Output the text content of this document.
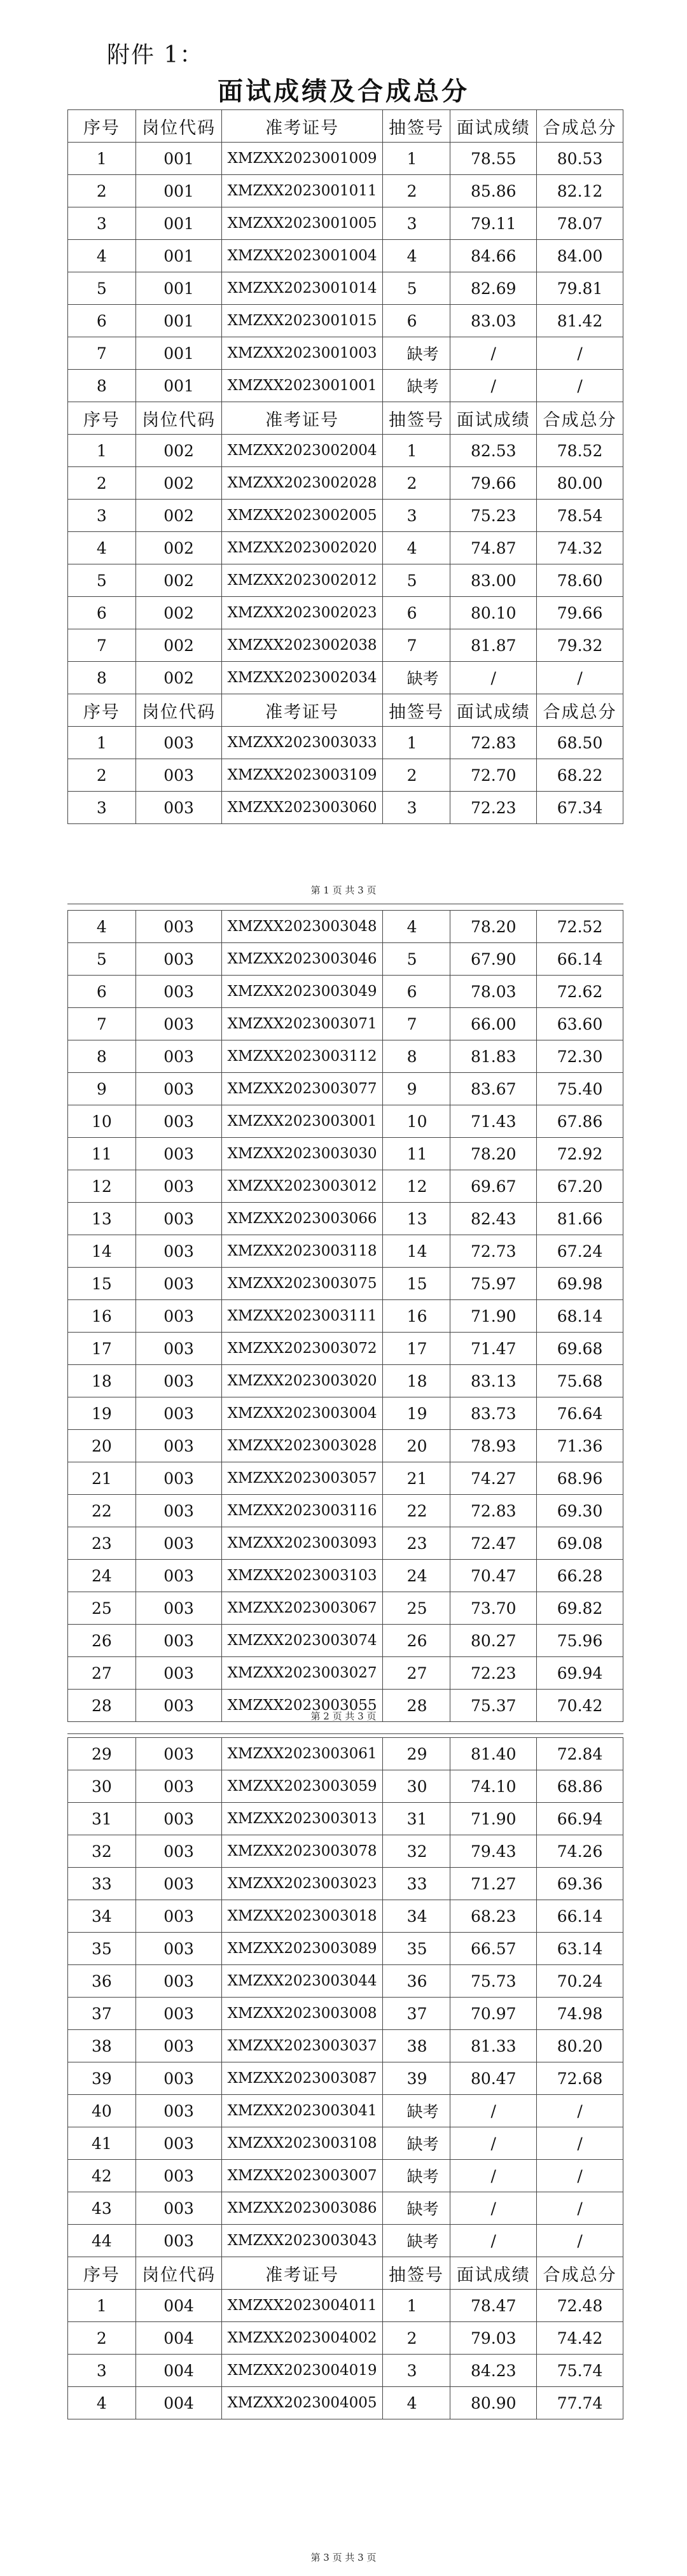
附件 1：
面试成绩及合成总分
序号	岗位代码	准考证号	抽签号	面试成绩	合成总分
1	001	XMZXX2023001009	1	78.55	80.53
2	001	XMZXX2023001011	2	85.86	82.12
3	001	XMZXX2023001005	3	79.11	78.07
4	001	XMZXX2023001004	4	84.66	84.00
5	001	XMZXX2023001014	5	82.69	79.81
6	001	XMZXX2023001015	6	83.03	81.42
7	001	XMZXX2023001003	缺考	/	/
8	001	XMZXX2023001001	缺考	/	/
序号	岗位代码	准考证号	抽签号	面试成绩	合成总分
1	002	XMZXX2023002004	1	82.53	78.52
2	002	XMZXX2023002028	2	79.66	80.00
3	002	XMZXX2023002005	3	75.23	78.54
4	002	XMZXX2023002020	4	74.87	74.32
5	002	XMZXX2023002012	5	83.00	78.60
6	002	XMZXX2023002023	6	80.10	79.66
7	002	XMZXX2023002038	7	81.87	79.32
8	002	XMZXX2023002034	缺考	/	/
序号	岗位代码	准考证号	抽签号	面试成绩	合成总分
1	003	XMZXX2023003033	1	72.83	68.50
2	003	XMZXX2023003109	2	72.70	68.22
3	003	XMZXX2023003060	3	72.23	67.34
第 1 页 共 3 页
4	003	XMZXX2023003048	4	78.20	72.52
5	003	XMZXX2023003046	5	67.90	66.14
6	003	XMZXX2023003049	6	78.03	72.62
7	003	XMZXX2023003071	7	66.00	63.60
8	003	XMZXX2023003112	8	81.83	72.30
9	003	XMZXX2023003077	9	83.67	75.40
10	003	XMZXX2023003001	10	71.43	67.86
11	003	XMZXX2023003030	11	78.20	72.92
12	003	XMZXX2023003012	12	69.67	67.20
13	003	XMZXX2023003066	13	82.43	81.66
14	003	XMZXX2023003118	14	72.73	67.24
15	003	XMZXX2023003075	15	75.97	69.98
16	003	XMZXX2023003111	16	71.90	68.14
17	003	XMZXX2023003072	17	71.47	69.68
18	003	XMZXX2023003020	18	83.13	75.68
19	003	XMZXX2023003004	19	83.73	76.64
20	003	XMZXX2023003028	20	78.93	71.36
21	003	XMZXX2023003057	21	74.27	68.96
22	003	XMZXX2023003116	22	72.83	69.30
23	003	XMZXX2023003093	23	72.47	69.08
24	003	XMZXX2023003103	24	70.47	66.28
25	003	XMZXX2023003067	25	73.70	69.82
26	003	XMZXX2023003074	26	80.27	75.96
27	003	XMZXX2023003027	27	72.23	69.94
28	003	XMZXX2023003055	28	75.37	70.42
第 2 页 共 3 页
29	003	XMZXX2023003061	29	81.40	72.84
30	003	XMZXX2023003059	30	74.10	68.86
31	003	XMZXX2023003013	31	71.90	66.94
32	003	XMZXX2023003078	32	79.43	74.26
33	003	XMZXX2023003023	33	71.27	69.36
34	003	XMZXX2023003018	34	68.23	66.14
35	003	XMZXX2023003089	35	66.57	63.14
36	003	XMZXX2023003044	36	75.73	70.24
37	003	XMZXX2023003008	37	70.97	74.98
38	003	XMZXX2023003037	38	81.33	80.20
39	003	XMZXX2023003087	39	80.47	72.68
40	003	XMZXX2023003041	缺考	/	/
41	003	XMZXX2023003108	缺考	/	/
42	003	XMZXX2023003007	缺考	/	/
43	003	XMZXX2023003086	缺考	/	/
44	003	XMZXX2023003043	缺考	/	/
序号	岗位代码	准考证号	抽签号	面试成绩	合成总分
1	004	XMZXX2023004011	1	78.47	72.48
2	004	XMZXX2023004002	2	79.03	74.42
3	004	XMZXX2023004019	3	84.23	75.74
4	004	XMZXX2023004005	4	80.90	77.74
第 3 页 共 3 页
